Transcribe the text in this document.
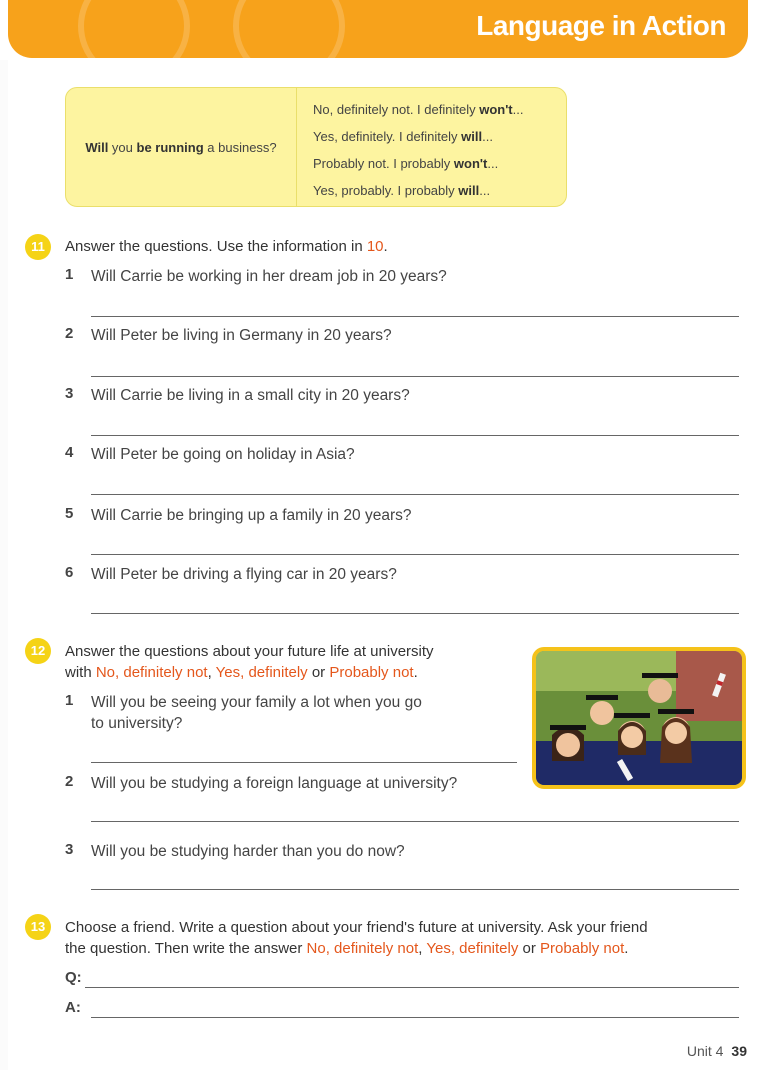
Language in Action
Will you be running a business?
No, definitely not. I definitely won't...
Yes, definitely. I definitely will...
Probably not. I probably won't...
Yes, probably. I probably will...
11	Answer the questions. Use the information in 10.
1 Will Carrie be working in her dream job in 20 years?
2 Will Peter be living in Germany in 20 years?
3 Will Carrie be living in a small city in 20 years?
4 Will Peter be going on holiday in Asia?
5 Will Carrie be bringing up a family in 20 years?
6 Will Peter be driving a flying car in 20 years?
12	Answer the questions about your future life at university
with No, definitely not, Yes, definitely or Probably not.
1 Will you be seeing your family a lot when you go
to university?
2 Will you be studying a foreign language at university?
3 Will you be studying harder than you do now?
13	Choose a friend. Write a question about your friend's future at university. Ask your friend
the question. Then write the answer No, definitely not, Yes, definitely or Probably not.
Q:
A:
Unit 4 39
